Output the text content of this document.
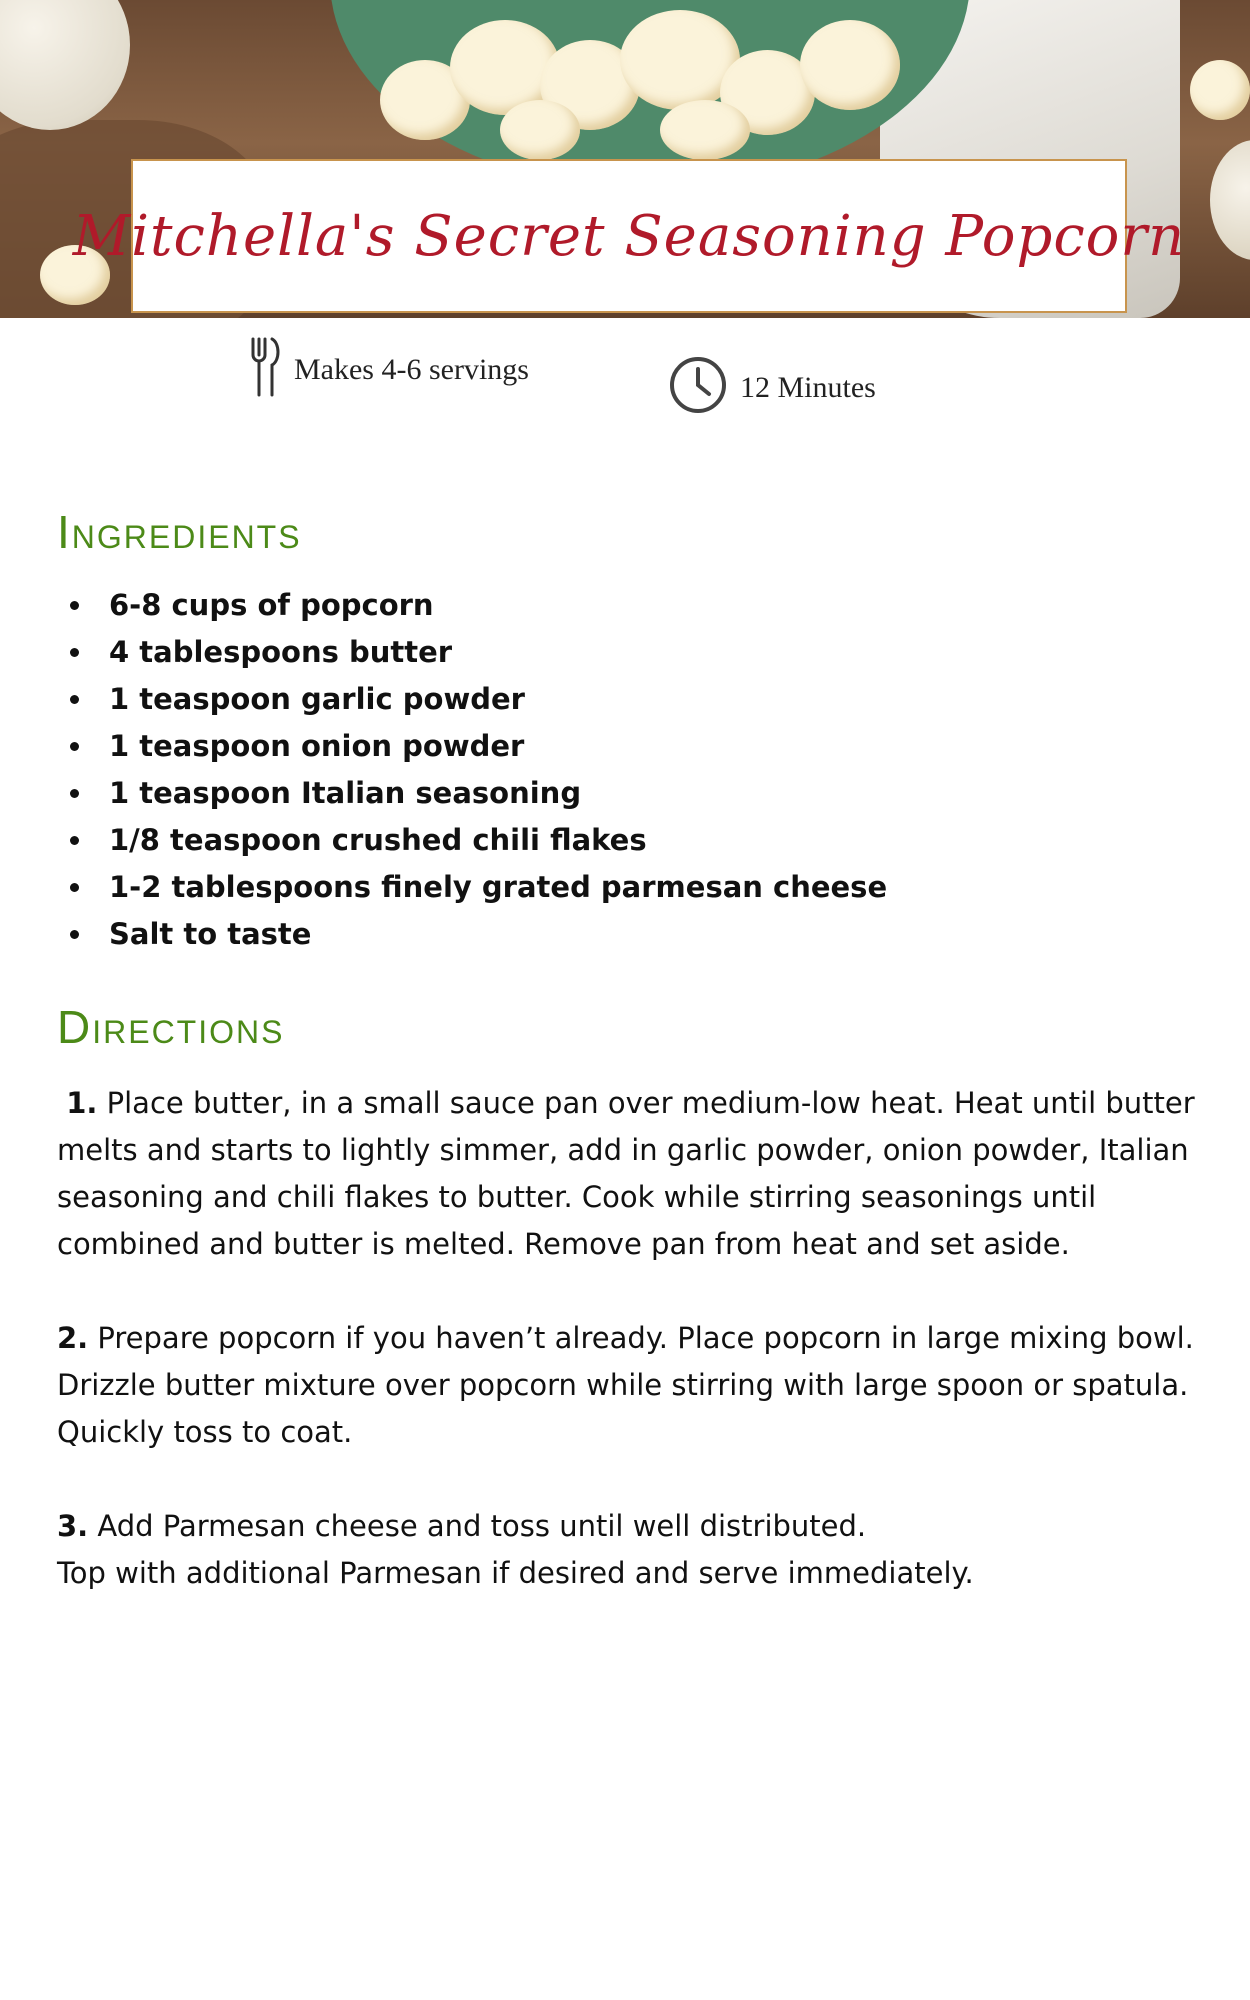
Mitchella's Secret Seasoning Popcorn
Makes 4-6 servings
12 Minutes
Ingredients
• 6-8 cups of popcorn
• 4 tablespoons butter
• 1 teaspoon garlic powder
• 1 teaspoon onion powder
• 1 teaspoon Italian seasoning
• 1/8 teaspoon crushed chili flakes
• 1-2 tablespoons finely grated parmesan cheese
• Salt to taste
Directions

1. Place butter, in a small sauce pan over medium-low heat. Heat until butter melts and starts to lightly simmer, add in garlic powder, onion powder, Italian seasoning and chili flakes to butter. Cook while stirring seasonings until combined and butter is melted. Remove pan from heat and set aside.

2. Prepare popcorn if you haven’t already. Place popcorn in large mixing bowl. Drizzle butter mixture over popcorn while stirring with large spoon or spatula. Quickly toss to coat.

3. Add Parmesan cheese and toss until well distributed.
Top with additional Parmesan if desired and serve immediately.
